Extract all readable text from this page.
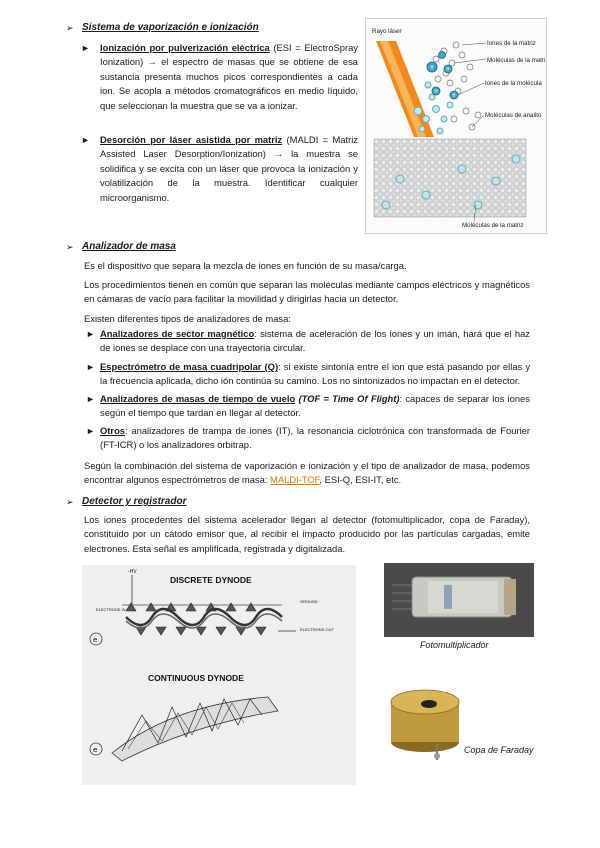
➢ Sistema de vaporización e ionización
►	Ionización por pulverización eléctrica (ESI = ElectroSpray Ionization) → el espectro de masas que se obtiene de esa sustancia presenta muchos picos correspondientes a cada ion. Se acopla a métodos cromatográficos en medio líquido, que seleccionan la muestra que se va a ionizar.
►	Desorción por láser asistida por matriz (MALDI = Matriz Assisted Laser Desorption/Ionization) → la muestra se solidifica y se excita con un láser que provoca la ionización y volatilización de la muestra. Identificar cualquier microorganismo.
+ +
+
+
Rayo láser
Iones de la matriz
Moléculas de la matriz
Iones de la molécula
Moléculas de analito
Moléculas de la matriz
➢ Analizador de masa
Es el dispositivo que separa la mezcla de iones en función de su masa/carga.
Los procedimientos tienen en común que separan las moléculas mediante campos eléctricos y magnéticos en cámaras de vacío para facilitar la movilidad y dirigirlas hacia un detector.
Existen diferentes tipos de analizadores de masa:
► Analizadores de sector magnético: sistema de aceleración de los iones y un imán, hará que el haz de iones se desplace con una trayectoria circular.
► Espectrómetro de masa cuadripolar (Q): si existe sintonía entre el ion que está pasando por ellas y la frecuencia aplicada, dicho ión continúa su camino. Los no sintonizados no impactan en el detector.
► Analizadores de masas de tiempo de vuelo (TOF = Time Of Flight): capaces de separar los iones según el tiempo que tardan en llegar al detector.
► Otros: analizadores de trampa de iones (IT), la resonancia ciclotrónica con transformada de Fourier (FT-ICR) o los analizadores orbitrap.
Según la combinación del sistema de vaporización e ionización y el tipo de analizador de masa, podemos encontrar algunos espectrómetros de masa: MALDI-TOF, ESI-Q, ESI-IT, etc.
➢ Detector y registrador
Los iones procedentes del sistema acelerador llegan al detector (fotomultiplicador, copa de Faraday), constituido por un cátodo emisor que, al recibir el impacto producido por las partículas cargadas, emite electrones. Esta señal es amplificada, registrada y digitalizada.
DISCRETE DYNODE
CONTINUOUS DYNODE
-HV
ELECTRONS IN
ELECTRONS OUT
GROUND
e
e
Fotomultiplicador
Copa de Faraday
